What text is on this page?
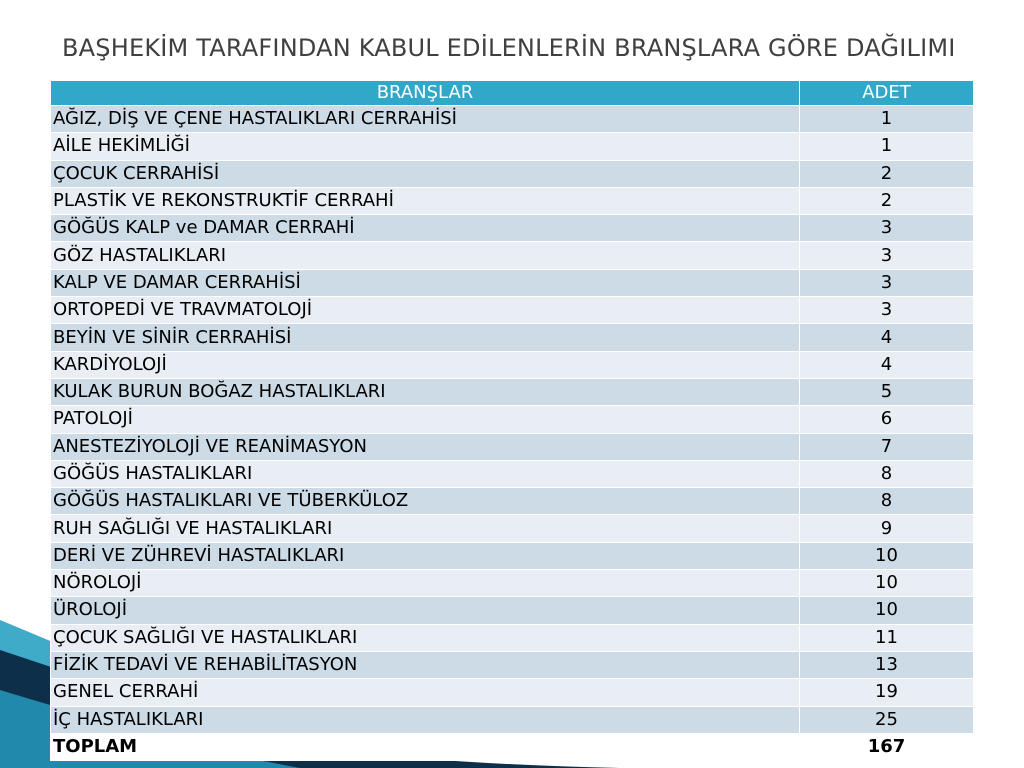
BAŞHEKİM TARAFINDAN KABUL EDİLENLERİN BRANŞLARA GÖRE DAĞILIMI
BRANŞLAR	ADET
AĞIZ, DİŞ VE ÇENE HASTALIKLARI CERRAHİSİ	1
AİLE HEKİMLİĞİ	1
ÇOCUK CERRAHİSİ	2
PLASTİK VE REKONSTRUKTİF CERRAHİ	2
GÖĞÜS KALP ve DAMAR CERRAHİ	3
GÖZ HASTALIKLARI	3
KALP VE DAMAR CERRAHİSİ	3
ORTOPEDİ VE TRAVMATOLOJİ	3
BEYİN VE SİNİR CERRAHİSİ	4
KARDİYOLOJİ	4
KULAK BURUN BOĞAZ HASTALIKLARI	5
PATOLOJİ	6
ANESTEZİYOLOJİ VE REANİMASYON	7
GÖĞÜS HASTALIKLARI	8
GÖĞÜS HASTALIKLARI VE TÜBERKÜLOZ	8
RUH SAĞLIĞI VE HASTALIKLARI	9
DERİ VE ZÜHREVİ HASTALIKLARI	10
NÖROLOJİ	10
ÜROLOJİ	10
ÇOCUK SAĞLIĞI VE HASTALIKLARI	11
FİZİK TEDAVİ VE REHABİLİTASYON	13
GENEL CERRAHİ	19
İÇ HASTALIKLARI	25
TOPLAM	167
